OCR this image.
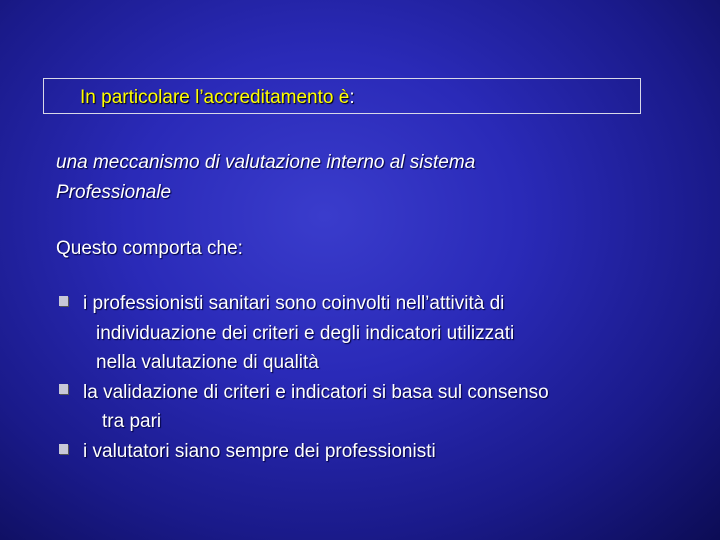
In particolare l’accreditamento è:
una meccanismo di valutazione interno al sistema
Professionale
Questo comporta che:
i professionisti sanitari sono coinvolti nell’attività di
individuazione dei criteri e degli indicatori utilizzati
nella valutazione di qualità
la validazione di criteri e indicatori si basa sul consenso
tra pari
i valutatori siano sempre dei professionisti
